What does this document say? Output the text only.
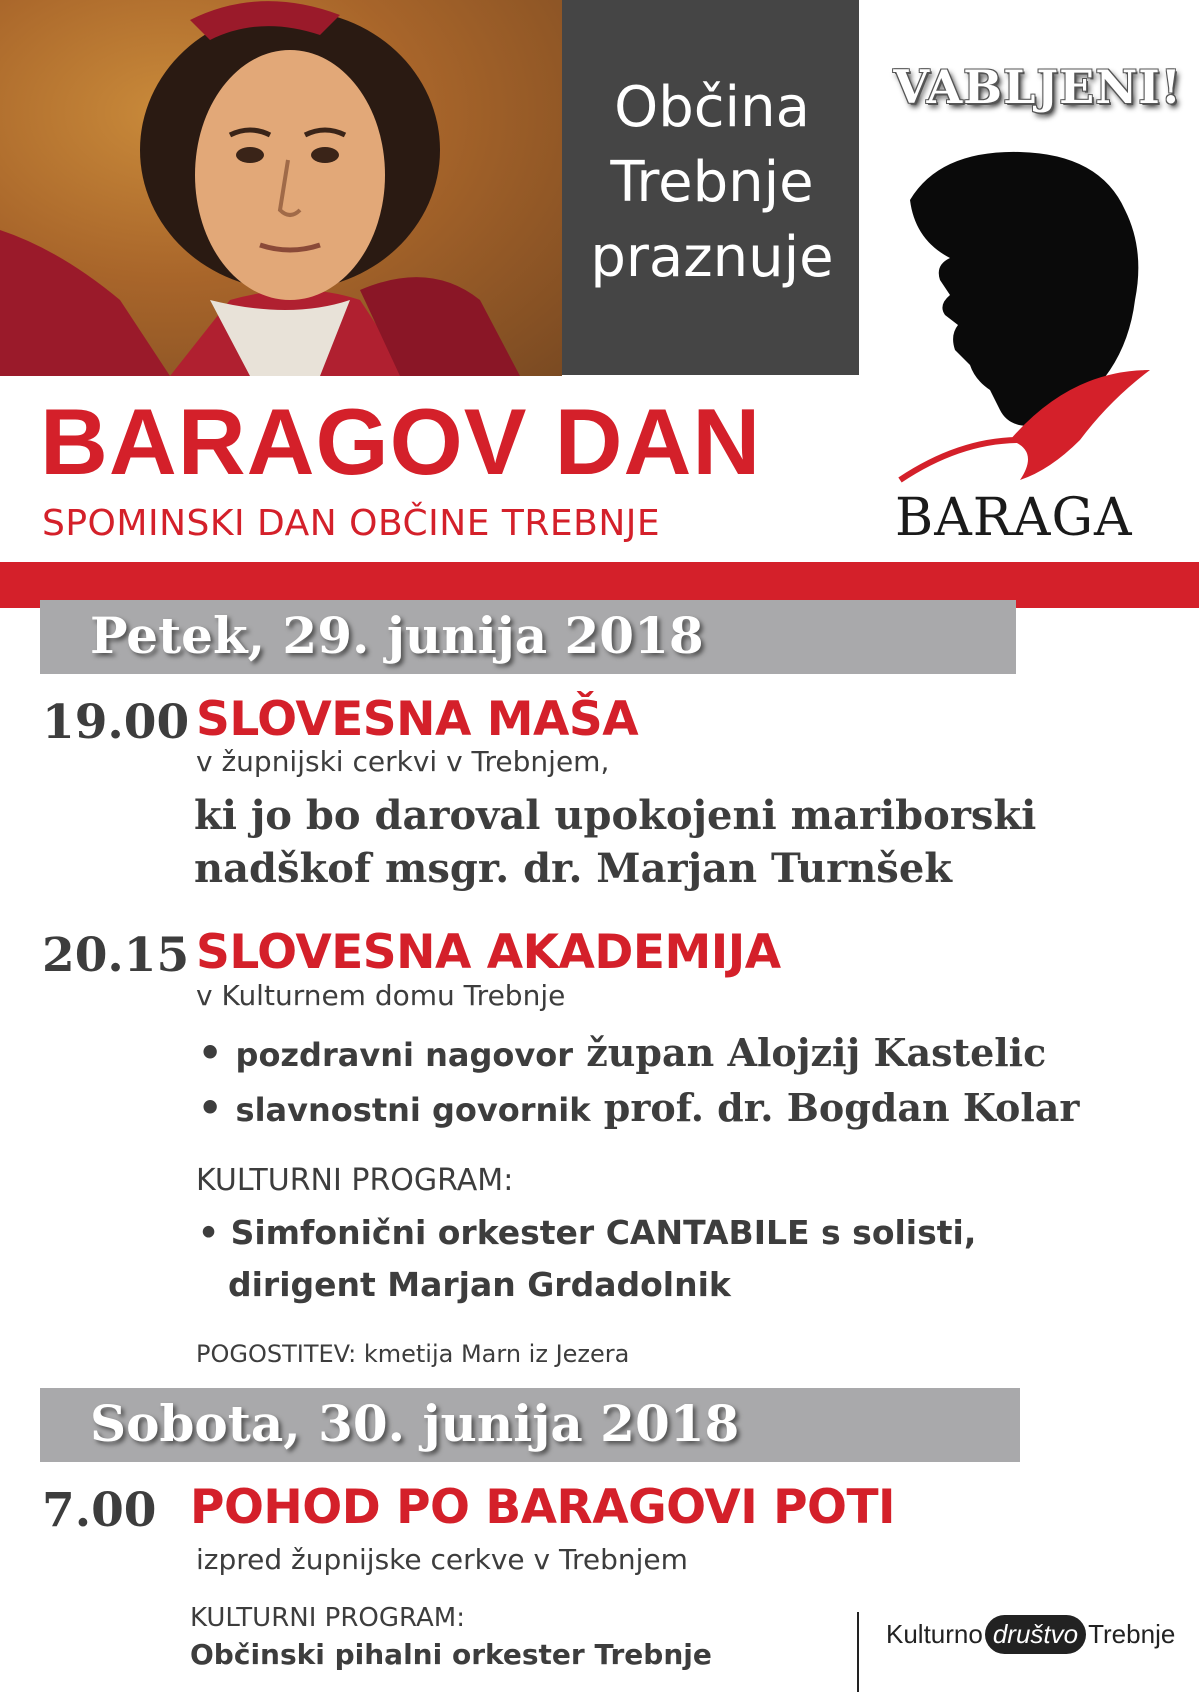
Občina
Trebnje
praznuje
VABLJENI!
BARAGA
BARAGOV DAN
SPOMINSKI DAN OBČINE TREBNJE
Petek, 29. junija 2018
19.00 SLOVESNA MAŠA
v župnijski cerkvi v Trebnjem,
ki jo bo daroval upokojeni mariborski
nadškof msgr. dr. Marjan Turnšek
20.15 SLOVESNA AKADEMIJA
v Kulturnem domu Trebnje
• pozdravni nagovor župan Alojzij Kastelic
• slavnostni govornik prof. dr. Bogdan Kolar
KULTURNI PROGRAM:
• Simfonični orkester CANTABILE s solisti,
dirigent Marjan Grdadolnik
POGOSTITEV: kmetija Marn iz Jezera
Sobota, 30. junija 2018
7.00 POHOD PO BARAGOVI POTI
izpred župnijske cerkve v Trebnjem
KULTURNI PROGRAM:
Občinski pihalni orkester Trebnje
Kulturno društvo Trebnje
